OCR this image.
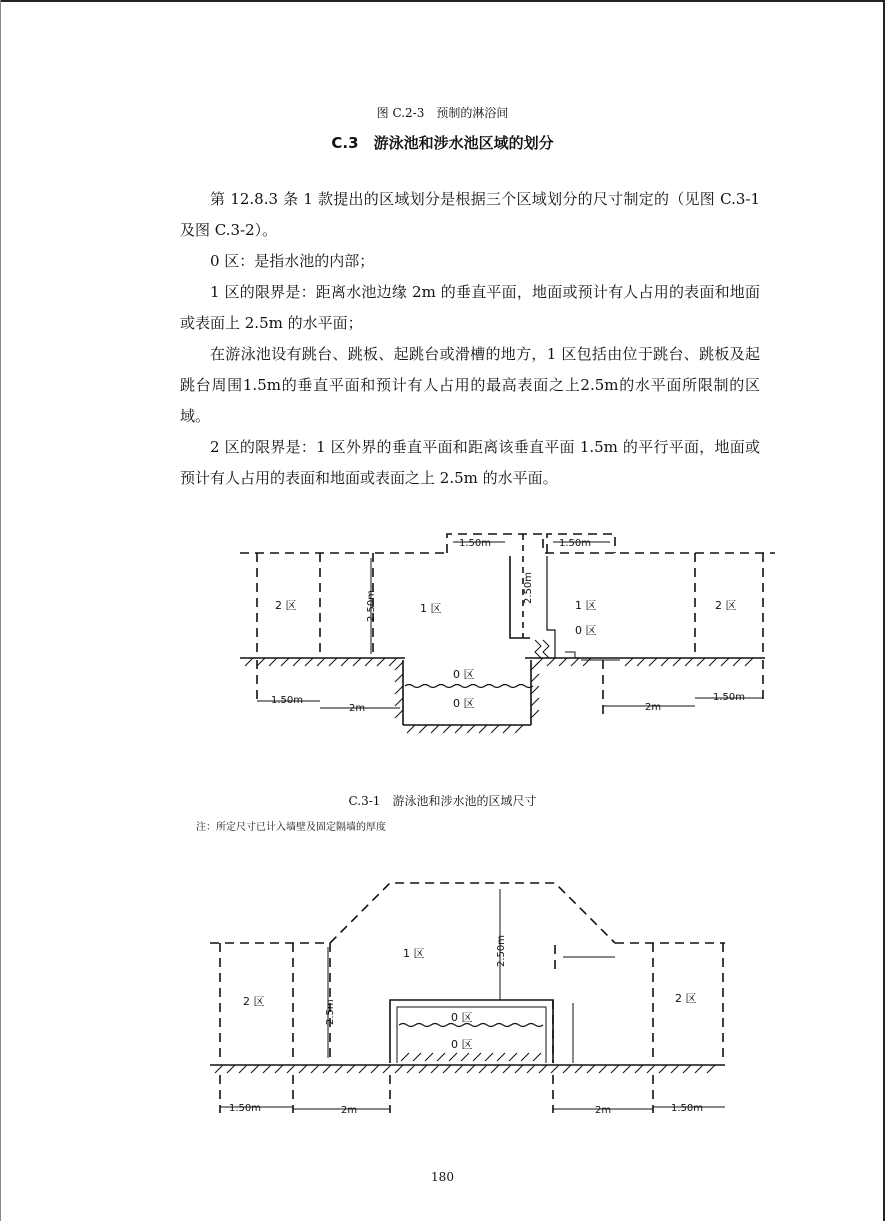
图 C.2-3　预制的淋浴间
C.3　游泳池和涉水池区域的划分

第 12.8.3 条 1 款提出的区域划分是根据三个区域划分的尺寸制定的（见图 C.3-1 及图 C.3-2）。

0 区：是指水池的内部；

1 区的限界是：距离水池边缘 2m 的垂直平面，地面或预计有人占用的表面和地面或表面上 2.5m 的水平面；

在游泳池设有跳台、跳板、起跳台或滑槽的地方，1 区包括由位于跳台、跳板及起跳台周围1.5m的垂直平面和预计有人占用的最高表面之上2.5m的水平面所限制的区域。

2 区的限界是：1 区外界的垂直平面和距离该垂直平面 1.5m 的平行平面，地面或预计有人占用的表面和地面或表面之上 2.5m 的水平面。

2 区	1 区	1 区
0 区
2 区
0 区
0 区
1.50m
2m	2m
1.50m
1.50m	1.50m
2.50m
2.50m
C.3-1　游泳池和涉水池的区域尺寸
注：所定尺寸已计入墙壁及固定隔墙的厚度
2 区
1 区
2 区
0 区
0 区
2.50m
2.5m
1.50m	2m	2m	1.50m
180
